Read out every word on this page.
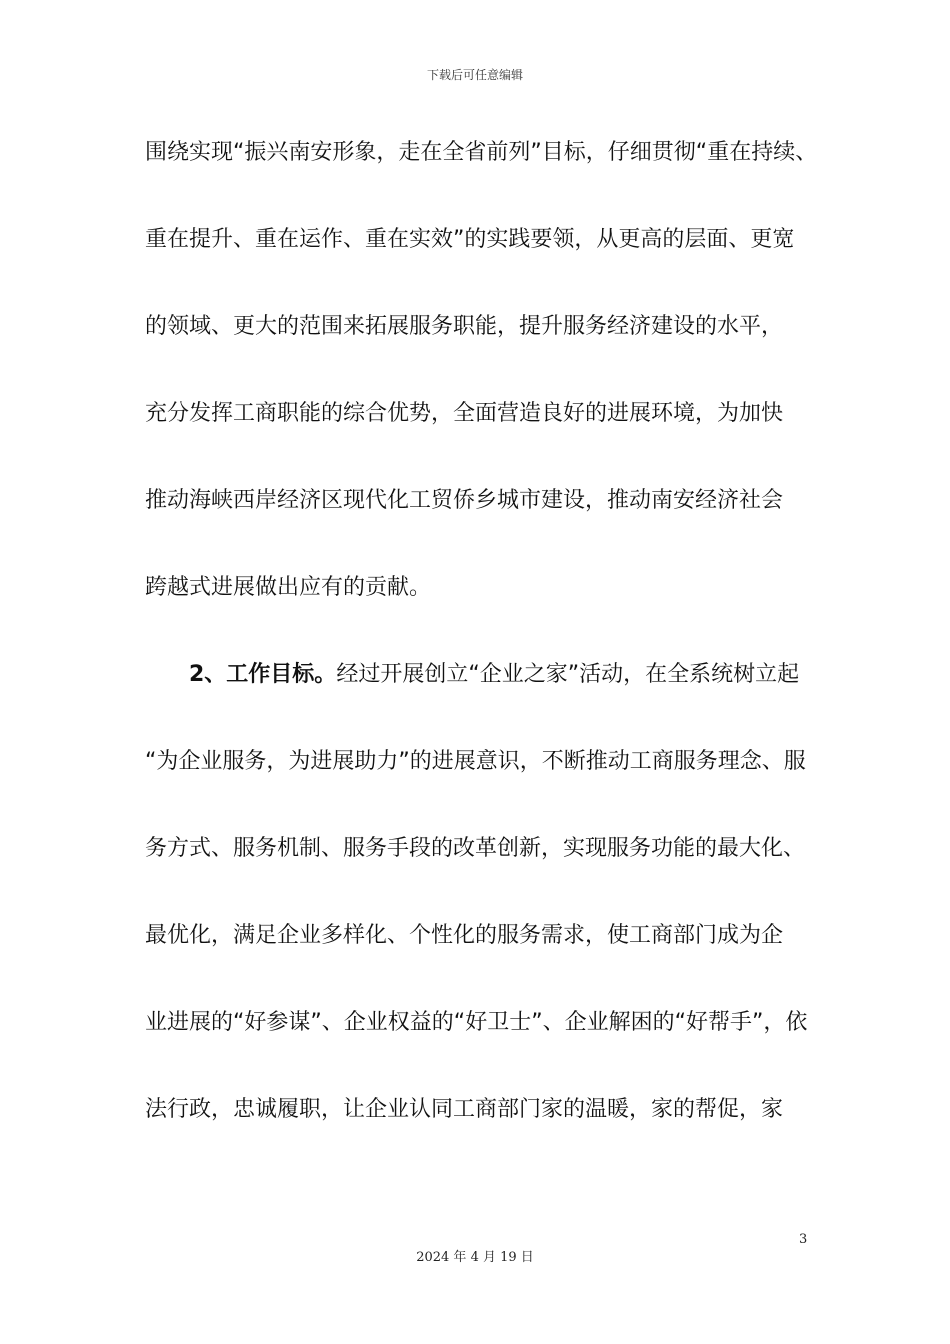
下载后可任意编辑
围绕实现“振兴南安形象，走在全省前列”目标，仔细贯彻“重在持续、
重在提升、重在运作、重在实效”的实践要领，从更高的层面、更宽
的领域、更大的范围来拓展服务职能，提升服务经济建设的水平，
充分发挥工商职能的综合优势，全面营造良好的进展环境，为加快
推动海峡西岸经济区现代化工贸侨乡城市建设，推动南安经济社会
跨越式进展做出应有的贡献。
2、工作目标。经过开展创立“企业之家”活动，在全系统树立起
“为企业服务，为进展助力”的进展意识，不断推动工商服务理念、服
务方式、服务机制、服务手段的改革创新，实现服务功能的最大化、
最优化，满足企业多样化、个性化的服务需求，使工商部门成为企
业进展的“好参谋”、企业权益的“好卫士”、企业解困的“好帮手”，依
法行政，忠诚履职，让企业认同工商部门家的温暖，家的帮促，家
3
2024 年 4 月 19 日
